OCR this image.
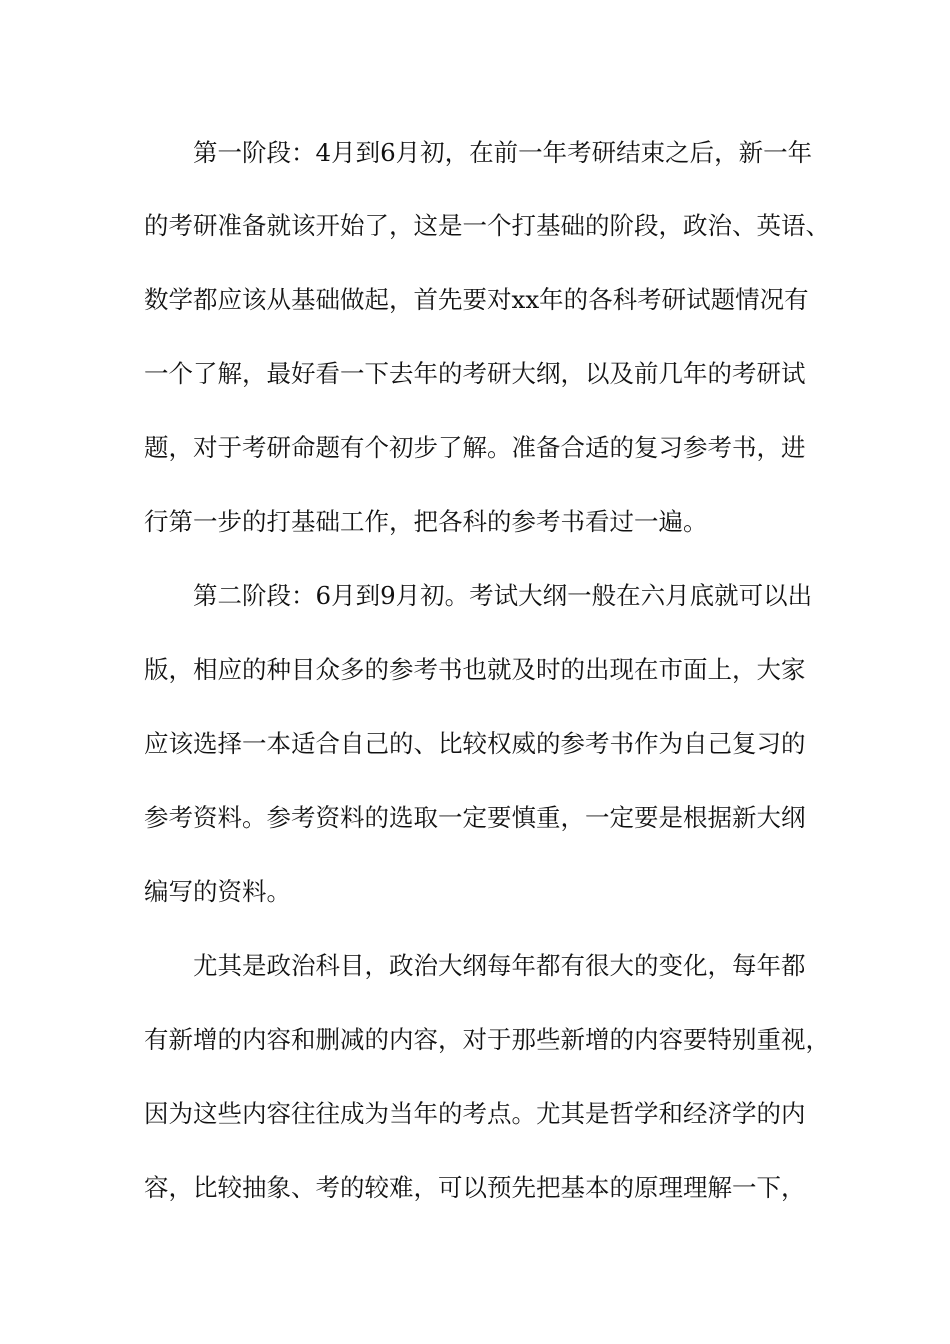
第一阶段：4月到6月初，在前一年考研结束之后，新一年
的考研准备就该开始了，这是一个打基础的阶段，政治、英语、
数学都应该从基础做起，首先要对xx年的各科考研试题情况有
一个了解，最好看一下去年的考研大纲，以及前几年的考研试
题，对于考研命题有个初步了解。准备合适的复习参考书，进
行第一步的打基础工作，把各科的参考书看过一遍。
第二阶段：6月到9月初。考试大纲一般在六月底就可以出
版，相应的种目众多的参考书也就及时的出现在市面上，大家
应该选择一本适合自己的、比较权威的参考书作为自己复习的
参考资料。参考资料的选取一定要慎重，一定要是根据新大纲
编写的资料。
尤其是政治科目，政治大纲每年都有很大的变化，每年都
有新增的内容和删减的内容，对于那些新增的内容要特别重视，
因为这些内容往往成为当年的考点。尤其是哲学和经济学的内
容，比较抽象、考的较难，可以预先把基本的原理理解一下，
